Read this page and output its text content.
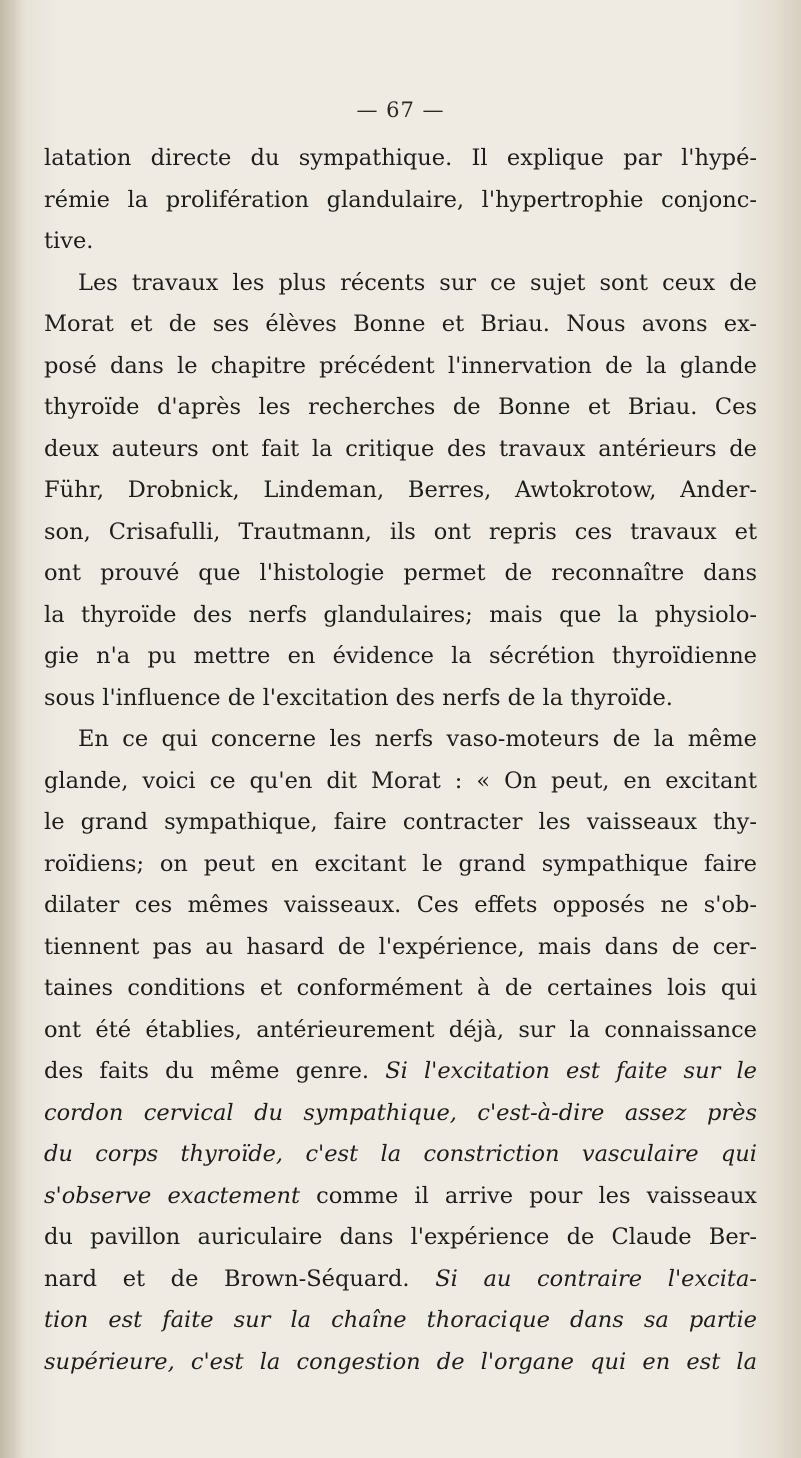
— 67 —
latation directe du sympathique. Il explique par l'hypé-
rémie la prolifération glandulaire, l'hypertrophie conjonc-
tive.
Les travaux les plus récents sur ce sujet sont ceux de
Morat et de ses élèves Bonne et Briau. Nous avons ex-
posé dans le chapitre précédent l'innervation de la glande
thyroïde d'après les recherches de Bonne et Briau. Ces
deux auteurs ont fait la critique des travaux antérieurs de
Führ, Drobnick, Lindeman, Berres, Awtokrotow, Ander-
son, Crisafulli, Trautmann, ils ont repris ces travaux et
ont prouvé que l'histologie permet de reconnaître dans
la thyroïde des nerfs glandulaires; mais que la physiolo-
gie n'a pu mettre en évidence la sécrétion thyroïdienne
sous l'influence de l'excitation des nerfs de la thyroïde.
En ce qui concerne les nerfs vaso-moteurs de la même
glande, voici ce qu'en dit Morat : « On peut, en excitant
le grand sympathique, faire contracter les vaisseaux thy-
roïdiens; on peut en excitant le grand sympathique faire
dilater ces mêmes vaisseaux. Ces effets opposés ne s'ob-
tiennent pas au hasard de l'expérience, mais dans de cer-
taines conditions et conformément à de certaines lois qui
ont été établies, antérieurement déjà, sur la connaissance
des faits du même genre. Si l'excitation est faite sur le
cordon cervical du sympathique, c'est-à-dire assez près
du corps thyroïde, c'est la constriction vasculaire qui
s'observe exactement comme il arrive pour les vaisseaux
du pavillon auriculaire dans l'expérience de Claude Ber-
nard et de Brown-Séquard. Si au contraire l'excita-
tion est faite sur la chaîne thoracique dans sa partie
supérieure, c'est la congestion de l'organe qui en est la
